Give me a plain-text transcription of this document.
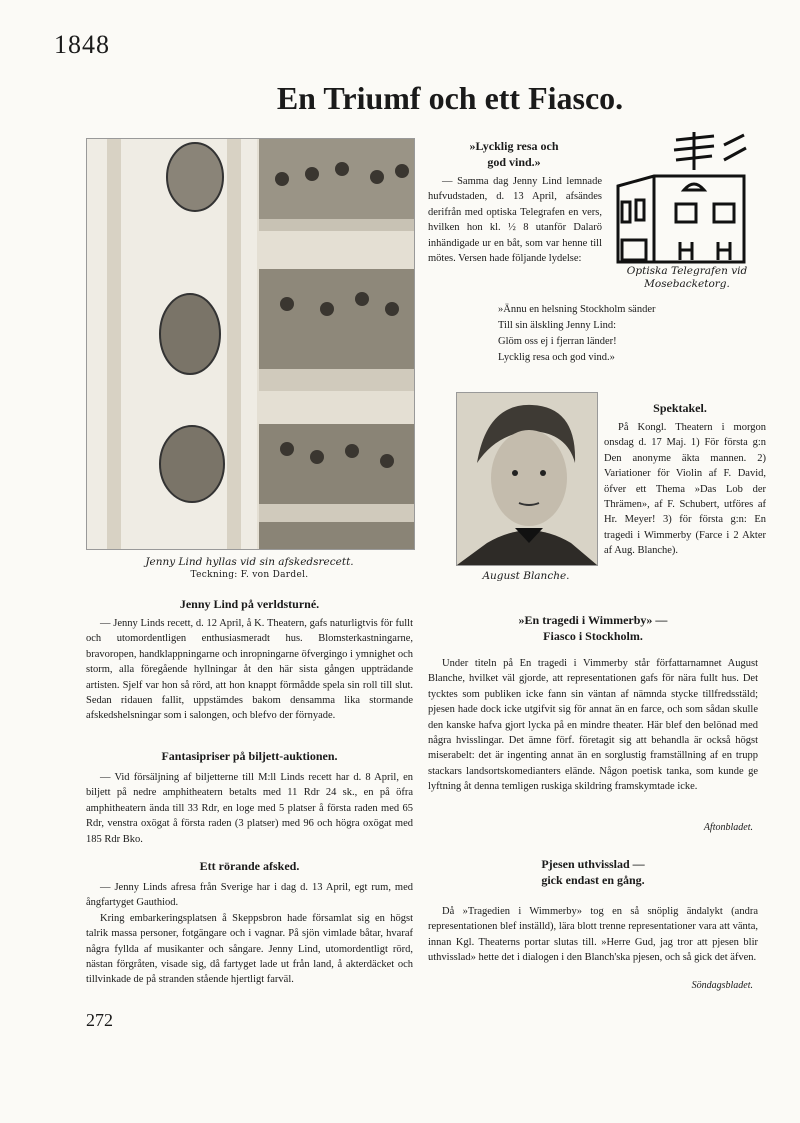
1848
En Triumf och ett Fiasco.
Jenny Lind hyllas vid sin afskedsrecett.
Teckning: F. von Dardel.
Jenny Lind på verldsturné.

— Jenny Linds recett, d. 12 April, å K. Theatern, gafs naturligtvis för fullt och utomordentligen enthusiasmeradt hus. Blomsterkastningarne, bravoropen, handklappningarne och inropningarne öfvergingo i ymnighet och storm, alla föregående hyllningar åt den här sista gången uppträdande artisten. Sjelf var hon så rörd, att hon knappt förmådde spela sin roll till slut. Sedan ridauen fallit, uppstämdes bakom densamma lika stormande afskedshelsningar som i salongen, och blefvo der förnyade.

Fantasipriser på biljett-auktionen.

— Vid försäljning af biljetterne till M:ll Linds recett har d. 8 April, en biljett på nedre amphitheatern betalts med 11 Rdr 24 sk., en på öfra amphitheatern ända till 33 Rdr, en loge med 5 platser å första raden med 65 Rdr, venstra oxögat å första raden (3 platser) med 96 och högra oxögat med 185 Rdr Bko.

Ett rörande afsked.

— Jenny Linds afresa från Sverige har i dag d. 13 April, egt rum, med ångfartyget Gauthiod.

Kring embarkeringsplatsen å Skeppsbron hade församlat sig en högst talrik massa personer, fotgängare och i vagnar. På sjön vimlade båtar, hvaraf några fyllda af musikanter och sångare. Jenny Lind, utomordentligt rörd, nästan förgråten, visade sig, då fartyget lade ut från land, å akterdäcket och tillvinkade de på stranden stående hjertligt farväl.

272
»Lycklig resa och
god vind.»

— Samma dag Jenny Lind lemnade hufvudstaden, d. 13 April, afsändes derifrån med optiska Telegrafen en vers, hvilken hon kl. ½ 8 utanför Dalarö inhändigade ur en båt, som var henne till mötes. Versen hade följande lydelse:

Optiska Telegrafen vid
Mosebacketorg.
»Ännu en helsning Stockholm sänder
Till sin älskling Jenny Lind:
Glöm oss ej i fjerran länder!
Lycklig resa och god vind.»
August Blanche.
Spektakel.

På Kongl. Theatern i morgon onsdag d. 17 Maj. 1) För första g:n Den anonyme äkta mannen. 2) Variationer för Violin af F. David, öfver ett Thema »Das Lob der Thrämen», af F. Schubert, utföres af Hr. Meyer! 3) för första g:n: En tragedi i Wimmerby (Farce i 2 Akter af Aug. Blanche).

»En tragedi i Wimmerby» —
Fiasco i Stockholm.

Under titeln på En tragedi i Vimmerby står författarnamnet August Blanche, hvilket väl gjorde, att representationen gafs för nära fullt hus. Det tycktes som publiken icke fann sin väntan af nämnda stycke tillfredsstäld; pjesen hade dock icke utgifvit sig för annat än en farce, och som sådan skulle den kanske hafva gjort lycka på en mindre theater. Här blef den belönad med några hvisslingar. Det ämne förf. företagit sig att behandla är också högst miserabelt: det är ingenting annat än en sorglustig framställning af en trupp stackars landsortskomedianters elände. Någon poetisk tanka, som kunde ge lyftning åt denna temligen ruskiga skildring framskymtade icke.

Aftonbladet.
Pjesen uthvisslad —
gick endast en gång.

Då »Tragedien i Wimmerby» tog en så snöplig ändalykt (andra representationen blef inställd), lära blott trenne representationer vara att vänta, innan Kgl. Theaterns portar slutas till. »Herre Gud, jag tror att pjesen blir uthvisslad» hette det i dialogen i den Blanch'ska pjesen, och så gick det äfven.

Söndagsbladet.
